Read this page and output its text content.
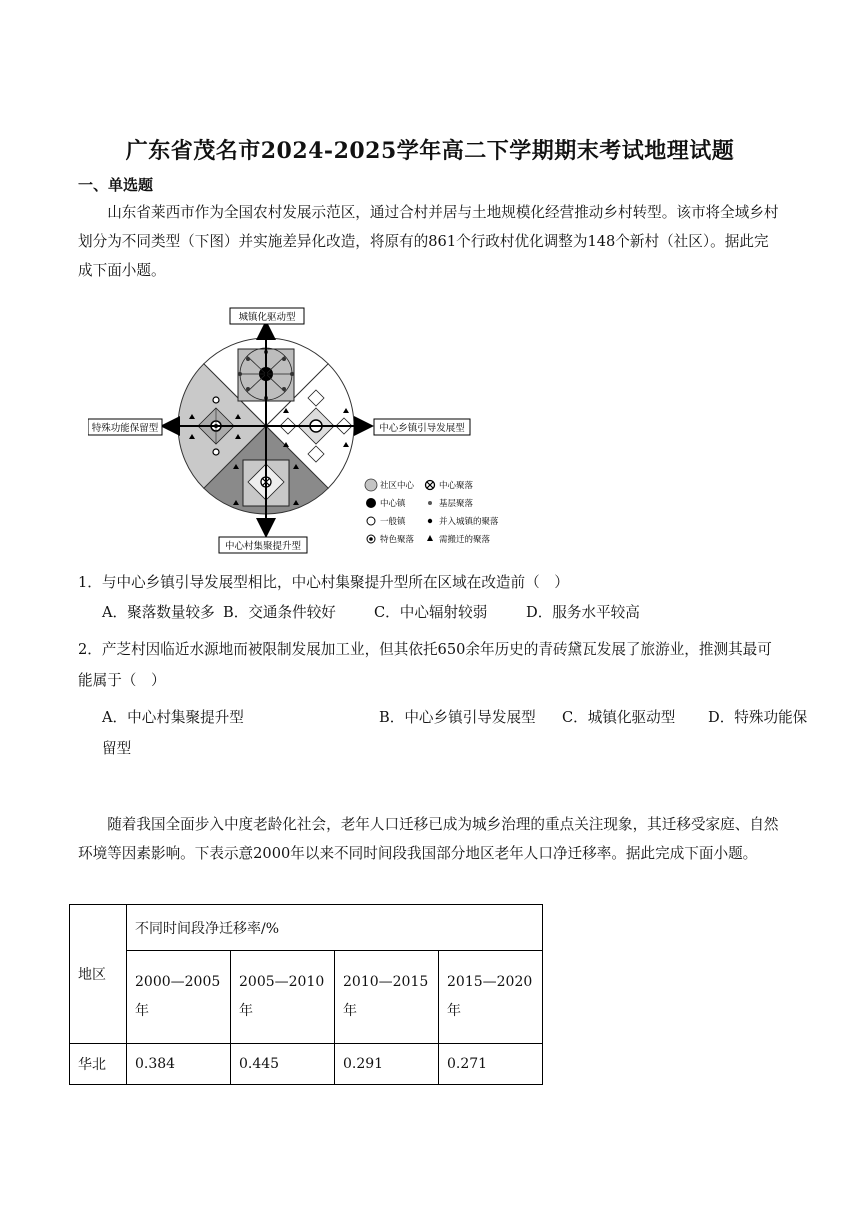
广东省茂名市2024-2025学年高二下学期期末考试地理试题
一、单选题
山东省莱西市作为全国农村发展示范区，通过合村并居与土地规模化经营推动乡村转型。该市将全域乡村划分为不同类型（下图）并实施差异化改造，将原有的861个行政村优化调整为148个新村（社区）。据此完成下面小题。
城镇化驱动型
中心乡镇引导发展型
中心村集聚提升型
特殊功能保留型
社区中心	中心聚落
中心镇	基层聚落
一般镇	并入城镇的聚落
特色聚落	需搬迁的聚落
1．与中心乡镇引导发展型相比，中心村集聚提升型所在区域在改造前（　）
A．聚落数量较多 B．交通条件较好	C．中心辐射较弱	D．服务水平较高
2．产芝村因临近水源地而被限制发展加工业，但其依托650余年历史的青砖黛瓦发展了旅游业，推测其最可能属于（　）
A．中心村集聚提升型	B．中心乡镇引导发展型 C．城镇化驱动型 D．特殊功能保
留型
随着我国全面步入中度老龄化社会，老年人口迁移已成为城乡治理的重点关注现象，其迁移受家庭、自然环境等因素影响。下表示意2000年以来不同时间段我国部分地区老年人口净迁移率。据此完成下面小题。
地区	不同时间段净迁移率/%			
	2000—2005年	2005—2010年	2010—2015年	2015—2020年
华北	0.384	0.445	0.291	0.271
